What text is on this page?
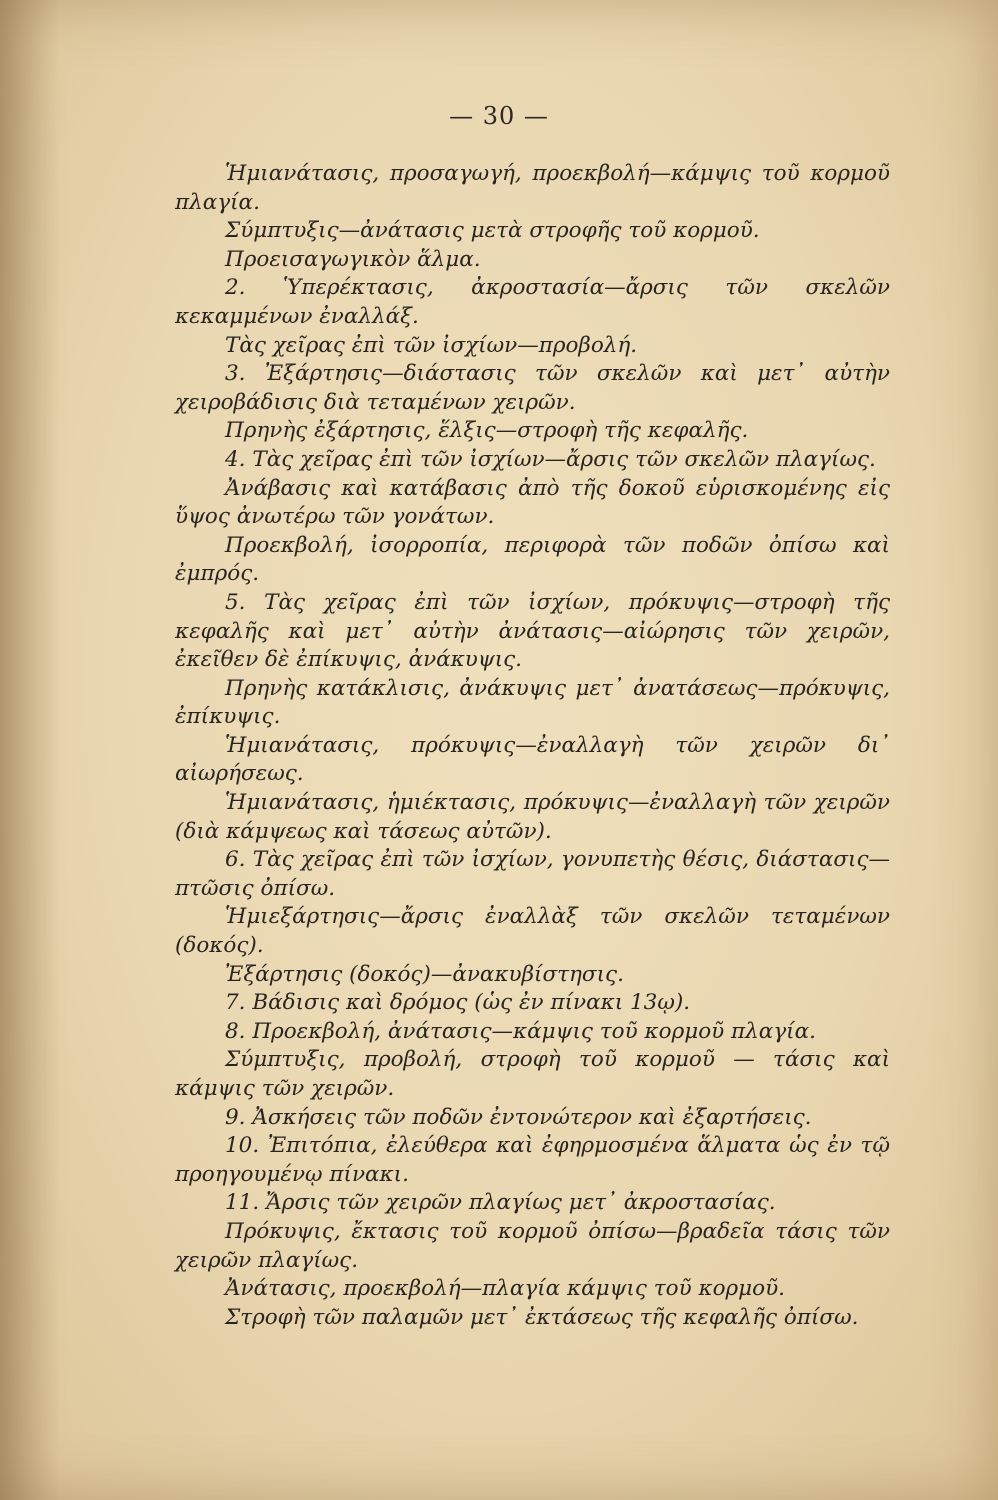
— 30 —

Ἡμιανάτασις, προσαγωγή, προεκβολή—κάμψις τοῦ κορμοῦ πλαγία.

Σύμπτυξις—ἀνάτασις μετὰ στροφῆς τοῦ κορμοῦ.

Προεισαγωγικὸν ἅλμα.

2. Ὑπερέκτασις, ἀκροστασία—ἄρσις τῶν σκελῶν κεκαμμένων ἐναλλάξ.

Τὰς χεῖρας ἐπὶ τῶν ἰσχίων—προβολή.

3. Ἐξάρτησις—διάστασις τῶν σκελῶν καὶ μετ᾽ αὐτὴν χειροβάδισις διὰ τεταμένων χειρῶν.

Πρηνὴς ἐξάρτησις, ἕλξις—στροφὴ τῆς κεφαλῆς.

4. Τὰς χεῖρας ἐπὶ τῶν ἰσχίων—ἄρσις τῶν σκελῶν πλαγίως.

Ἀνάβασις καὶ κατάβασις ἀπὸ τῆς δοκοῦ εὑρισκομένης εἰς ὕψος ἀνωτέρω τῶν γονάτων.

Προεκβολή, ἰσορροπία, περιφορὰ τῶν ποδῶν ὀπίσω καὶ ἐμπρός.

5. Τὰς χεῖρας ἐπὶ τῶν ἰσχίων, πρόκυψις—στροφὴ τῆς κεφαλῆς καὶ μετ᾽ αὐτὴν ἀνάτασις—αἰώρησις τῶν χειρῶν, ἐκεῖθεν δὲ ἐπίκυψις, ἀνάκυψις.

Πρηνὴς κατάκλισις, ἀνάκυψις μετ᾽ ἀνατάσεως—πρόκυψις, ἐπίκυψις.

Ἡμιανάτασις, πρόκυψις—ἐναλλαγὴ τῶν χειρῶν δι᾽ αἰωρήσεως.

Ἡμιανάτασις, ἡμιέκτασις, πρόκυψις—ἐναλλαγὴ τῶν χειρῶν (διὰ κάμψεως καὶ τάσεως αὐτῶν).

6. Τὰς χεῖρας ἐπὶ τῶν ἰσχίων, γονυπετὴς θέσις, διάστασις—πτῶσις ὀπίσω.

Ἡμιεξάρτησις—ἄρσις ἐναλλὰξ τῶν σκελῶν τεταμένων (δοκός).

Ἐξάρτησις (δοκός)—ἀνακυβίστησις.

7. Βάδισις καὶ δρόμος (ὡς ἐν πίνακι 13ῳ).

8. Προεκβολή, ἀνάτασις—κάμψις τοῦ κορμοῦ πλαγία.

Σύμπτυξις, προβολή, στροφὴ τοῦ κορμοῦ — τάσις καὶ κάμψις τῶν χειρῶν.

9. Ἀσκήσεις τῶν ποδῶν ἐντονώτερον καὶ ἐξαρτήσεις.

10. Ἐπιτόπια, ἐλεύθερα καὶ ἐφηρμοσμένα ἅλματα ὡς ἐν τῷ προηγουμένῳ πίνακι.

11. Ἄρσις τῶν χειρῶν πλαγίως μετ᾽ ἀκροστασίας.

Πρόκυψις, ἔκτασις τοῦ κορμοῦ ὀπίσω—βραδεῖα τάσις τῶν χειρῶν πλαγίως.

Ἀνάτασις, προεκβολή—πλαγία κάμψις τοῦ κορμοῦ.

Στροφὴ τῶν παλαμῶν μετ᾽ ἐκτάσεως τῆς κεφαλῆς ὀπίσω.
